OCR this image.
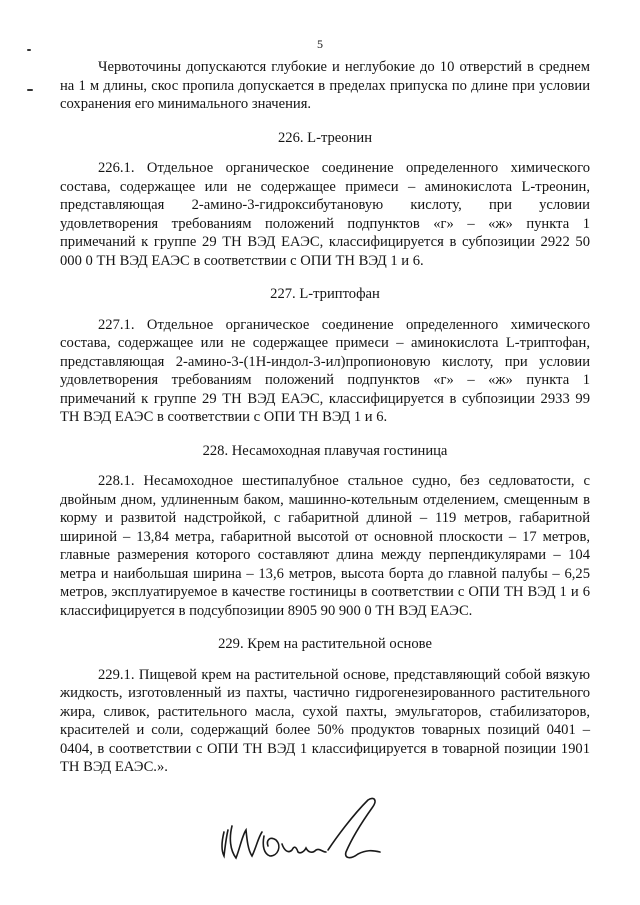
5

Червоточины допускаются глубокие и неглубокие до 10 отверстий в среднем на 1 м длины, скос пропила допускается в пределах припуска по длине при условии сохранения его минимального значения.

226. L-треонин

226.1. Отдельное органическое соединение определенного химического состава, содержащее или не содержащее примеси – аминокислота L-треонин, представляющая 2-амино-3-гидроксибутановую кислоту, при условии удовлетворения требованиям положений подпунктов «г» – «ж» пункта 1 примечаний к группе 29 ТН ВЭД ЕАЭС, классифицируется в субпозиции 2922 50 000 0 ТН ВЭД ЕАЭС в соответствии с ОПИ ТН ВЭД 1 и 6.

227. L-триптофан

227.1. Отдельное органическое соединение определенного химического состава, содержащее или не содержащее примеси – аминокислота L-триптофан, представляющая 2-амино-3-(1Н-индол-3-ил)пропионовую кислоту, при условии удовлетворения требованиям положений подпунктов «г» – «ж» пункта 1 примечаний к группе 29 ТН ВЭД ЕАЭС, классифицируется в субпозиции 2933 99 ТН ВЭД ЕАЭС в соответствии с ОПИ ТН ВЭД 1 и 6.

228. Несамоходная плавучая гостиница

228.1. Несамоходное шестипалубное стальное судно, без седловатости, с двойным дном, удлиненным баком, машинно-котельным отделением, смещенным в корму и развитой надстройкой, с габаритной длиной – 119 метров, габаритной шириной – 13,84 метра, габаритной высотой от основной плоскости – 17 метров, главные размерения которого составляют длина между перпендикулярами – 104 метра и наибольшая ширина – 13,6 метров, высота борта до главной палубы – 6,25 метров, эксплуатируемое в качестве гостиницы в соответствии с ОПИ ТН ВЭД 1 и 6 классифицируется в подсубпозиции 8905 90 900 0 ТН ВЭД ЕАЭС.

229. Крем на растительной основе

229.1. Пищевой крем на растительной основе, представляющий собой вязкую жидкость, изготовленный из пахты, частично гидрогенезированного растительного жира, сливок, растительного масла, сухой пахты, эмульгаторов, стабилизаторов, красителей и соли, содержащий более 50% продуктов товарных позиций 0401 – 0404, в соответствии с ОПИ ТН ВЭД 1 классифицируется в товарной позиции 1901 ТН ВЭД ЕАЭС.».
